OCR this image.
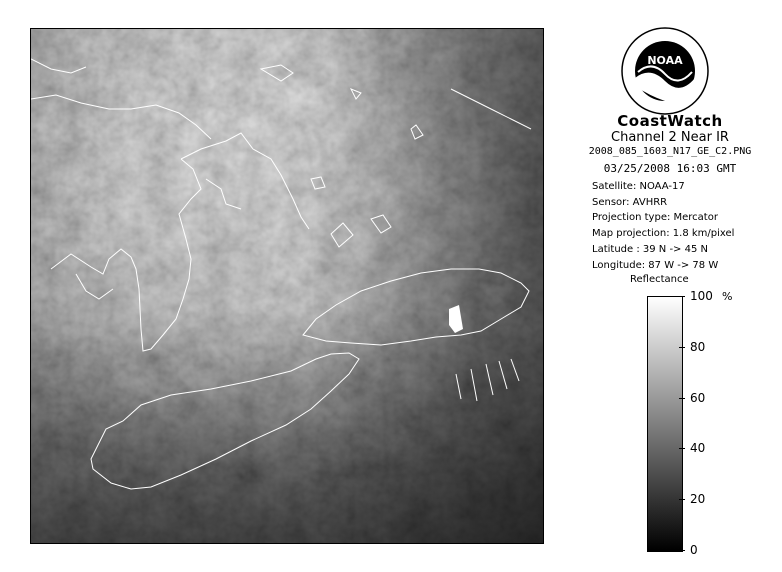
NOAA
CoastWatch
Channel 2 Near IR
2008_085_1603_N17_GE_C2.PNG
03/25/2008 16:03 GMT
Satellite: NOAA-17
Sensor: AVHRR
Projection type: Mercator
Map projection: 1.8 km/pixel
Latitude : 39 N -> 45 N
Longitude: 87 W -> 78 W
Reflectance
%
100
80
60
40
20
0
